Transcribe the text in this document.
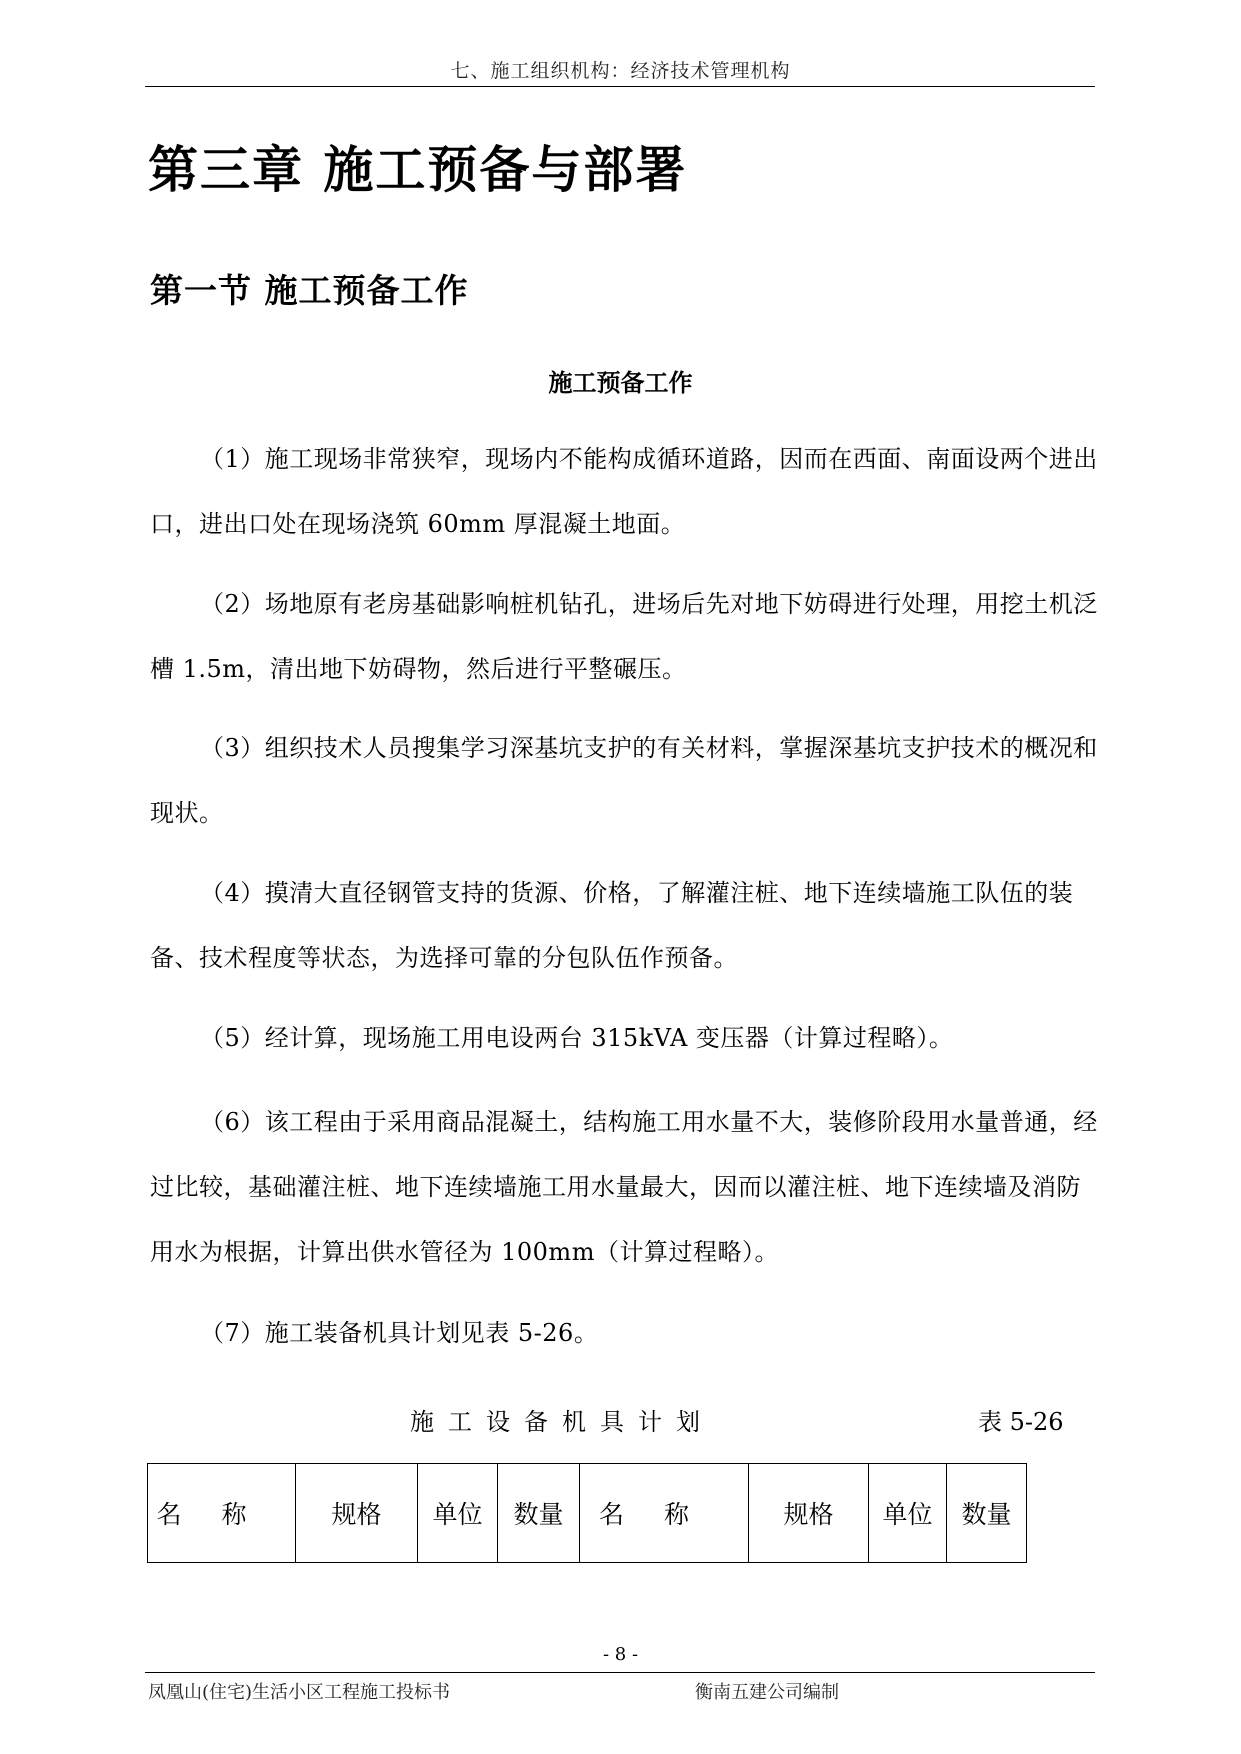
七、施工组织机构：经济技术管理机构
第三章 施工预备与部署
第一节 施工预备工作
施工预备工作

（1）施工现场非常狭窄，现场内不能构成循环道路，因而在西面、南面设两个进出口，进出口处在现场浇筑 60mm 厚混凝土地面。

（2）场地原有老房基础影响桩机钻孔，进场后先对地下妨碍进行处理，用挖土机泛槽 1.5m，清出地下妨碍物，然后进行平整碾压。

（3）组织技术人员搜集学习深基坑支护的有关材料，掌握深基坑支护技术的概况和现状。

（4）摸清大直径钢管支持的货源、价格，了解灌注桩、地下连续墙施工队伍的装备、技术程度等状态，为选择可靠的分包队伍作预备。

（5）经计算，现场施工用电设两台 315kVA 变压器（计算过程略）。

（6）该工程由于采用商品混凝土，结构施工用水量不大，装修阶段用水量普通，经过比较，基础灌注桩、地下连续墙施工用水量最大，因而以灌注桩、地下连续墙及消防用水为根据，计算出供水管径为 100mm（计算过程略）。

（7）施工装备机具计划见表 5-26。

施工设备机具计划	表 5-26
名称	规格	单位	数量	名称	规格	单位	数量
- 8 -
凤凰山(住宅)生活小区工程施工投标书	衡南五建公司编制
